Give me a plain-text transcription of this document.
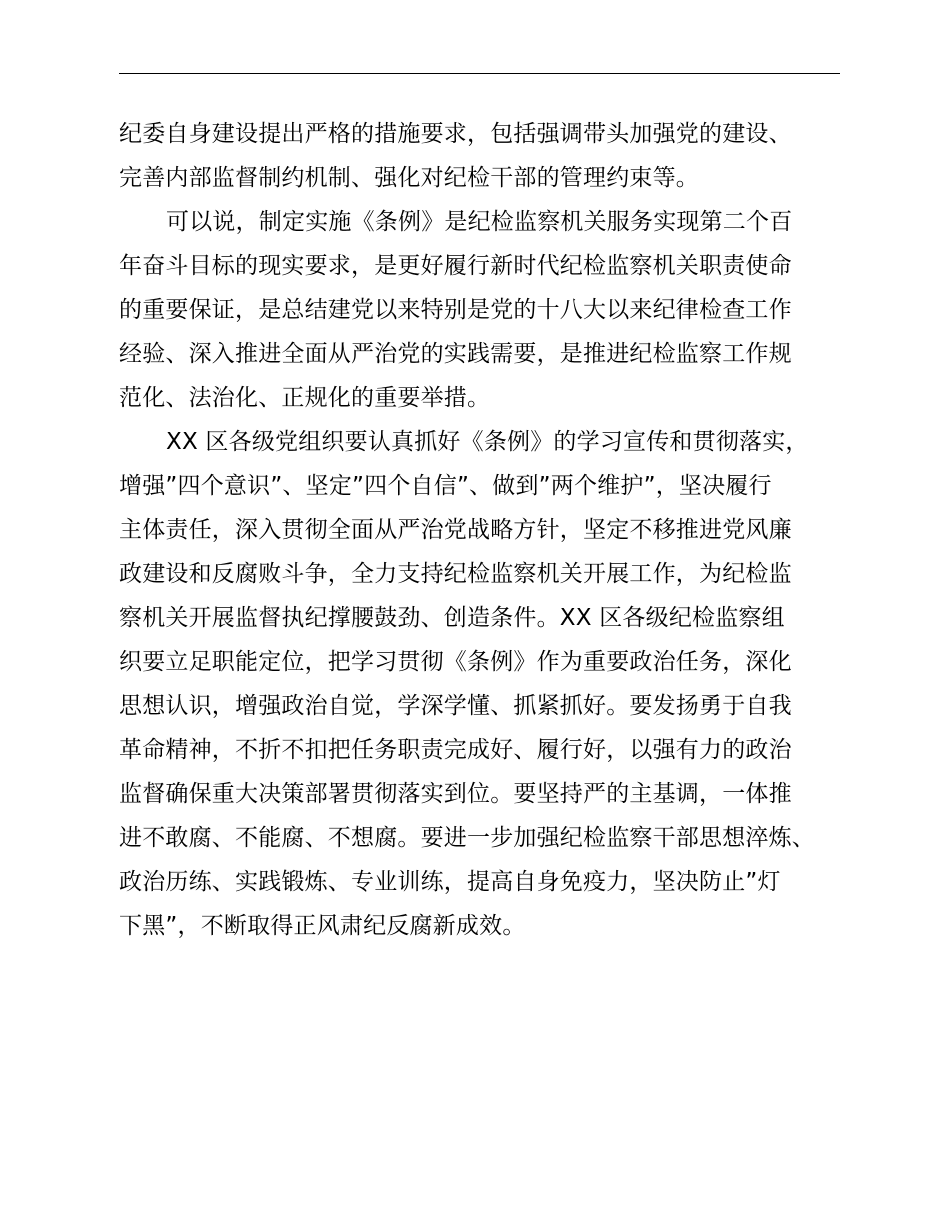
纪委自身建设提出严格的措施要求，包括强调带头加强党的建设、
完善内部监督制约机制、强化对纪检干部的管理约束等。
可以说，制定实施《条例》是纪检监察机关服务实现第二个百
年奋斗目标的现实要求，是更好履行新时代纪检监察机关职责使命
的重要保证，是总结建党以来特别是党的十八大以来纪律检查工作
经验、深入推进全面从严治党的实践需要，是推进纪检监察工作规
范化、法治化、正规化的重要举措。
XX 区各级党组织要认真抓好《条例》的学习宣传和贯彻落实，
增强”四个意识”、坚定”四个自信”、做到”两个维护”，坚决履行
主体责任，深入贯彻全面从严治党战略方针，坚定不移推进党风廉
政建设和反腐败斗争，全力支持纪检监察机关开展工作，为纪检监
察机关开展监督执纪撑腰鼓劲、创造条件。XX 区各级纪检监察组
织要立足职能定位，把学习贯彻《条例》作为重要政治任务，深化
思想认识，增强政治自觉，学深学懂、抓紧抓好。要发扬勇于自我
革命精神，不折不扣把任务职责完成好、履行好，以强有力的政治
监督确保重大决策部署贯彻落实到位。要坚持严的主基调，一体推
进不敢腐、不能腐、不想腐。要进一步加强纪检监察干部思想淬炼、
政治历练、实践锻炼、专业训练，提高自身免疫力，坚决防止”灯
下黑”，不断取得正风肃纪反腐新成效。
